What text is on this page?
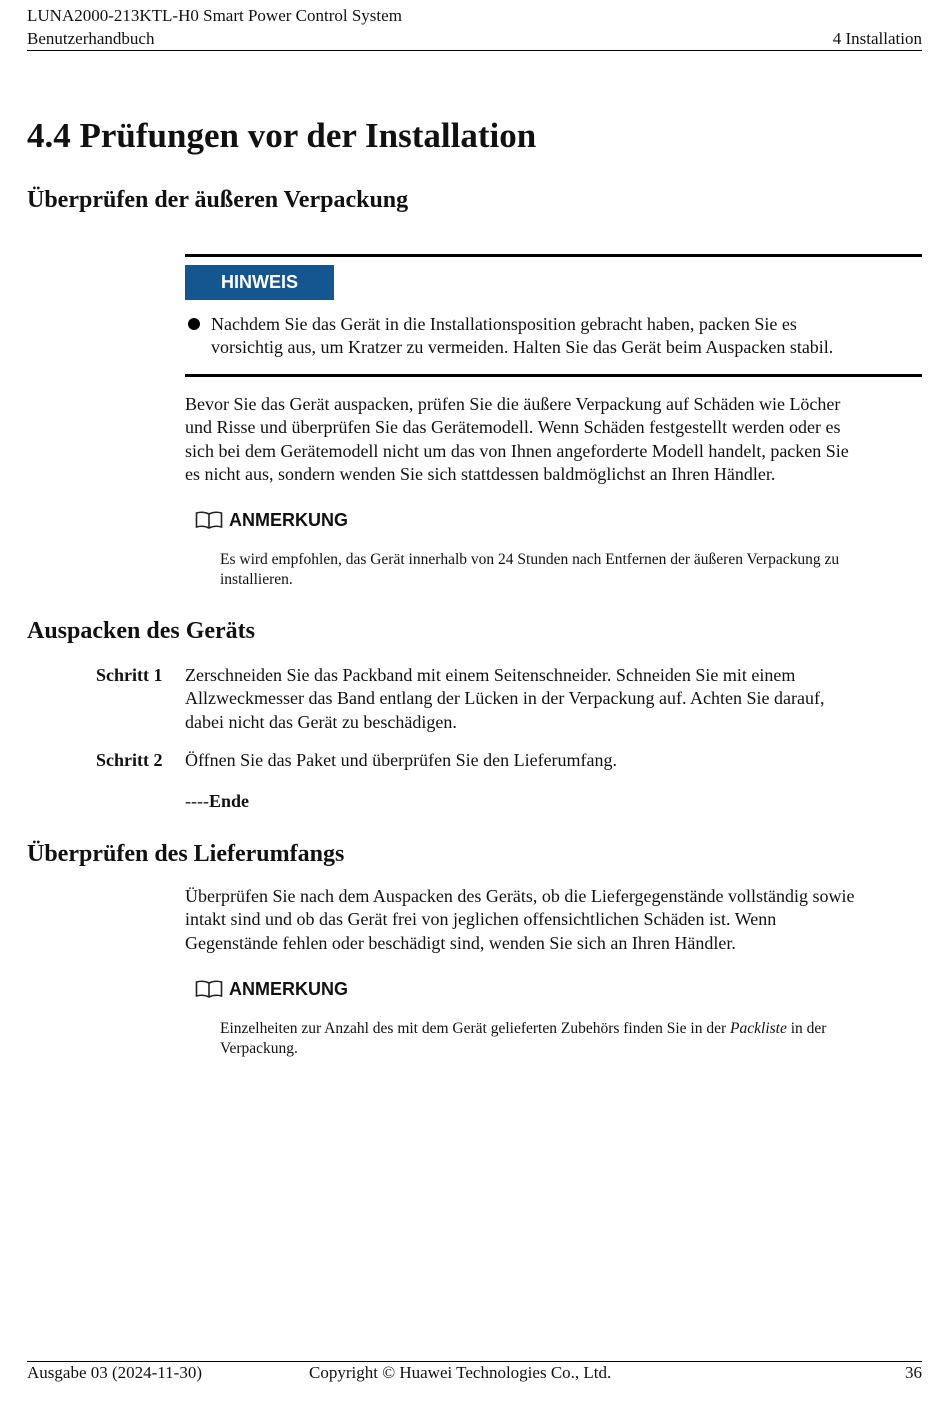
LUNA2000-213KTL-H0 Smart Power Control System
Benutzerhandbuch	4 Installation
4.4 Prüfungen vor der Installation
Überprüfen der äußeren Verpackung
HINWEIS
Nachdem Sie das Gerät in die Installationsposition gebracht haben, packen Sie es
vorsichtig aus, um Kratzer zu vermeiden. Halten Sie das Gerät beim Auspacken stabil.
Bevor Sie das Gerät auspacken, prüfen Sie die äußere Verpackung auf Schäden wie Löcher
und Risse und überprüfen Sie das Gerätemodell. Wenn Schäden festgestellt werden oder es
sich bei dem Gerätemodell nicht um das von Ihnen angeforderte Modell handelt, packen Sie
es nicht aus, sondern wenden Sie sich stattdessen baldmöglichst an Ihren Händler.
ANMERKUNG
Es wird empfohlen, das Gerät innerhalb von 24 Stunden nach Entfernen der äußeren Verpackung zu
installieren.
Auspacken des Geräts
Schritt 1 Zerschneiden Sie das Packband mit einem Seitenschneider. Schneiden Sie mit einem
Allzweckmesser das Band entlang der Lücken in der Verpackung auf. Achten Sie darauf,
dabei nicht das Gerät zu beschädigen.
Schritt 2 Öffnen Sie das Paket und überprüfen Sie den Lieferumfang.
----Ende
Überprüfen des Lieferumfangs
Überprüfen Sie nach dem Auspacken des Geräts, ob die Liefergegenstände vollständig sowie
intakt sind und ob das Gerät frei von jeglichen offensichtlichen Schäden ist. Wenn
Gegenstände fehlen oder beschädigt sind, wenden Sie sich an Ihren Händler.
ANMERKUNG
Einzelheiten zur Anzahl des mit dem Gerät gelieferten Zubehörs finden Sie in der Packliste in der
Verpackung.
Ausgabe 03 (2024-11-30)	Copyright © Huawei Technologies Co., Ltd.	36
